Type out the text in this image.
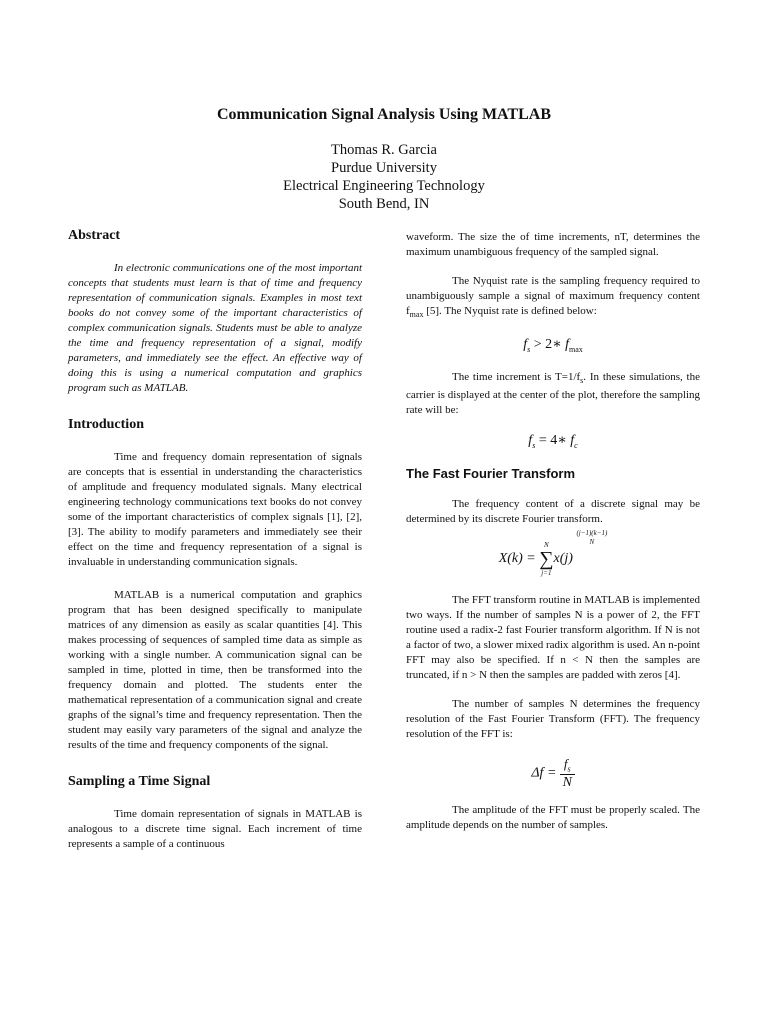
Communication Signal Analysis Using MATLAB
Thomas R. Garcia
Purdue University
Electrical Engineering Technology
South Bend, IN
Abstract

In electronic communications one of the most important concepts that students must learn is that of time and frequency representation of communication signals. Examples in most text books do not convey some of the important characteristics of complex communication signals. Students must be able to analyze the time and frequency representation of a signal, modify parameters, and immediately see the effect. An effective way of doing this is using a numerical computation and graphics program such as MATLAB.

Introduction

Time and frequency domain representation of signals are concepts that is essential in understanding the characteristics of amplitude and frequency modulated signals. Many electrical engineering technology communications text books do not convey some of the important characteristics of complex signals [1], [2], [3]. The ability to modify parameters and immediately see their effect on the time and frequency representation of a signal is invaluable in understanding communication signals.

MATLAB is a numerical computation and graphics program that has been designed specifically to manipulate matrices of any dimension as easily as scalar quantities [4]. This makes processing of sequences of sampled time data as simple as working with a single number. A communication signal can be sampled in time, plotted in time, then be transformed into the frequency domain and plotted. The students enter the mathematical representation of a communication signal and create graphs of the signal’s time and frequency representation. Then the student may easily vary parameters of the signal and analyze the results of the time and frequency components of the signal.

Sampling a Time Signal

Time domain representation of signals in MATLAB is analogous to a discrete time signal. Each increment of time represents a sample of a continuous

waveform. The size the of time increments, nT, determines the maximum unambiguous frequency of the sampled signal.

The Nyquist rate is the sampling frequency required to unambiguously sample a signal of maximum frequency content $f_{max}$ [5]. The Nyquist rate is defined below:

$f_s$ > 2∗ $f_{max}$

The time increment is $T=1/f_s$. In these simulations, the carrier is displayed at the center of the plot, therefore the sampling rate will be:

$f_s$ = 4∗ $f_c$
The Fast Fourier Transform

The frequency content of a discrete signal may be determined by its discrete Fourier transform.

X(k) =
N
∑
j=1
x(j)
(j−1)(k−1)
N

The FFT transform routine in MATLAB is implemented two ways. If the number of samples N is a power of 2, the FFT routine used a radix-2 fast Fourier transform algorithm. If N is not a factor of two, a slower mixed radix algorithm is used. An n-point FFT may also be specified. If n < N then the samples are truncated, if n > N then the samples are padded with zeros [4].

The number of samples N determines the frequency resolution of the Fast Fourier Transform (FFT). The frequency resolution of the FFT is:

$\Delta f = \frac{f_s}{N}$

The amplitude of the FFT must be properly scaled. The amplitude depends on the number of samples.
